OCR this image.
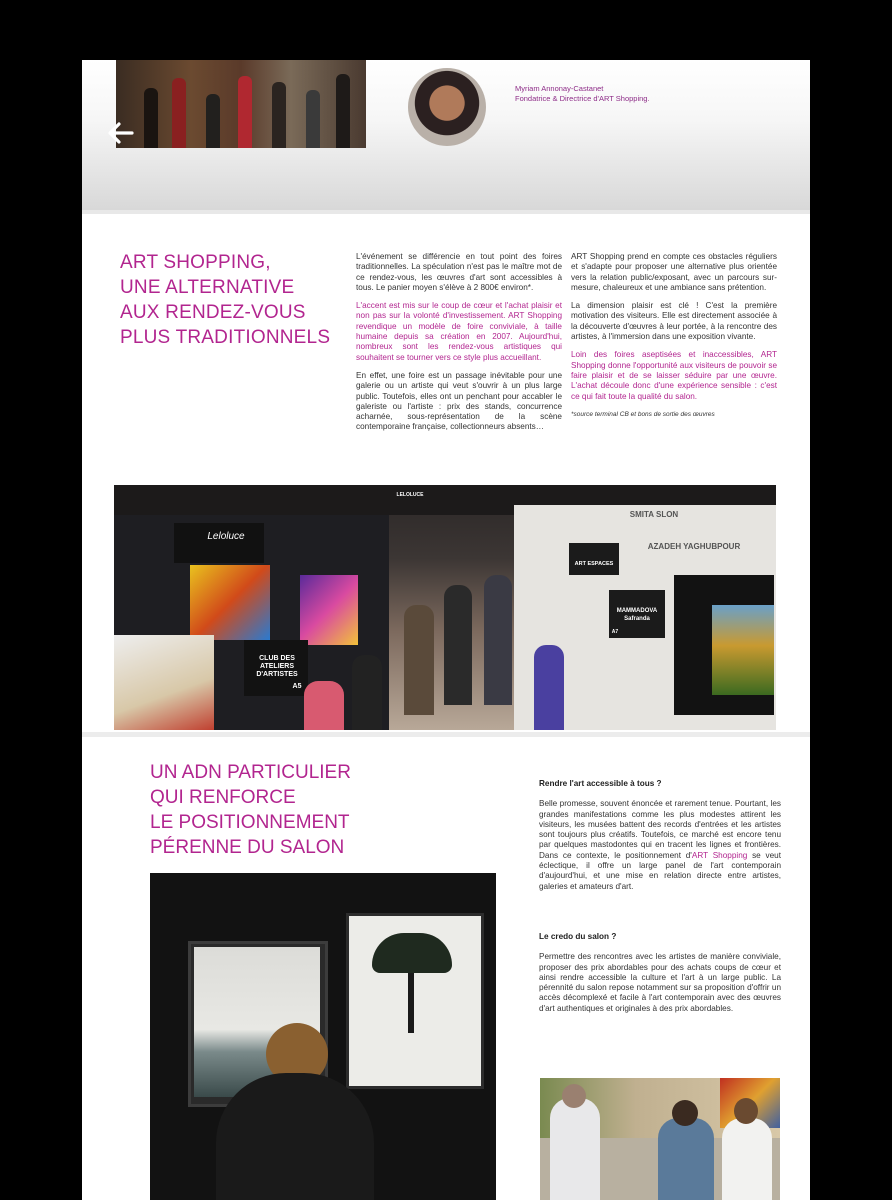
Myriam Annonay-Castanet
Fondatrice & Directrice d'ART Shopping.
ART SHOPPING,
UNE ALTERNATIVE
AUX RENDEZ-VOUS
PLUS TRADITIONNELS

L'événement se différencie en tout point des foires traditionnelles. La spéculation n'est pas le maître mot de ce rendez-vous, les œuvres d'art sont accessibles à tous. Le panier moyen s'élève à 2 800€ environ*.

L'accent est mis sur le coup de cœur et l'achat plaisir et non pas sur la volonté d'investissement. ART Shopping revendique un modèle de foire conviviale, à taille humaine depuis sa création en 2007. Aujourd'hui, nombreux sont les rendez-vous artistiques qui souhaitent se tourner vers ce style plus accueillant.

En effet, une foire est un passage inévitable pour une galerie ou un artiste qui veut s'ouvrir à un plus large public. Toutefois, elles ont un penchant pour accabler le galeriste ou l'artiste : prix des stands, concurrence acharnée, sous-représentation de la scène contemporaine française, collectionneurs absents…

ART Shopping prend en compte ces obstacles réguliers et s'adapte pour proposer une alternative plus orientée vers la relation public/exposant, avec un parcours sur-mesure, chaleureux et une ambiance sans prétention.

La dimension plaisir est clé ! C'est la première motivation des visiteurs. Elle est directement associée à la découverte d'œuvres à leur portée, à la rencontre des artistes, à l'immersion dans une exposition vivante.

Loin des foires aseptisées et inaccessibles, ART Shopping donne l'opportunité aux visiteurs de pouvoir se faire plaisir et de se laisser séduire par une œuvre. L'achat découle donc d'une expérience sensible : c'est ce qui fait toute la qualité du salon.

*source terminal CB et bons de sortie des œuvres

Leloluce
CLUB DES ATELIERS D'ARTISTES
A5
ART ESPACES
SMITA SLON
AZADEH YAGHUBPOUR
MAMMADOVA Safranda
A7
LELOLUCE
UN ADN PARTICULIER
QUI RENFORCE
LE POSITIONNEMENT
PÉRENNE DU SALON
Rendre l'art accessible à tous ?

Belle promesse, souvent énoncée et rarement tenue. Pourtant, les grandes manifestations comme les plus modestes attirent les visiteurs, les musées battent des records d'entrées et les artistes sont toujours plus créatifs. Toutefois, ce marché est encore tenu par quelques mastodontes qui en tracent les lignes et frontières. Dans ce contexte, le positionnement d'ART Shopping se veut éclectique, il offre un large panel de l'art contemporain d'aujourd'hui, et une mise en relation directe entre artistes, galeries et amateurs d'art.

Le credo du salon ?

Permettre des rencontres avec les artistes de manière conviviale, proposer des prix abordables pour des achats coups de cœur et ainsi rendre accessible la culture et l'art à un large public. La pérennité du salon repose notamment sur sa proposition d'offrir un accès décomplexé et facile à l'art contemporain avec des œuvres d'art authentiques et originales à des prix abordables.
